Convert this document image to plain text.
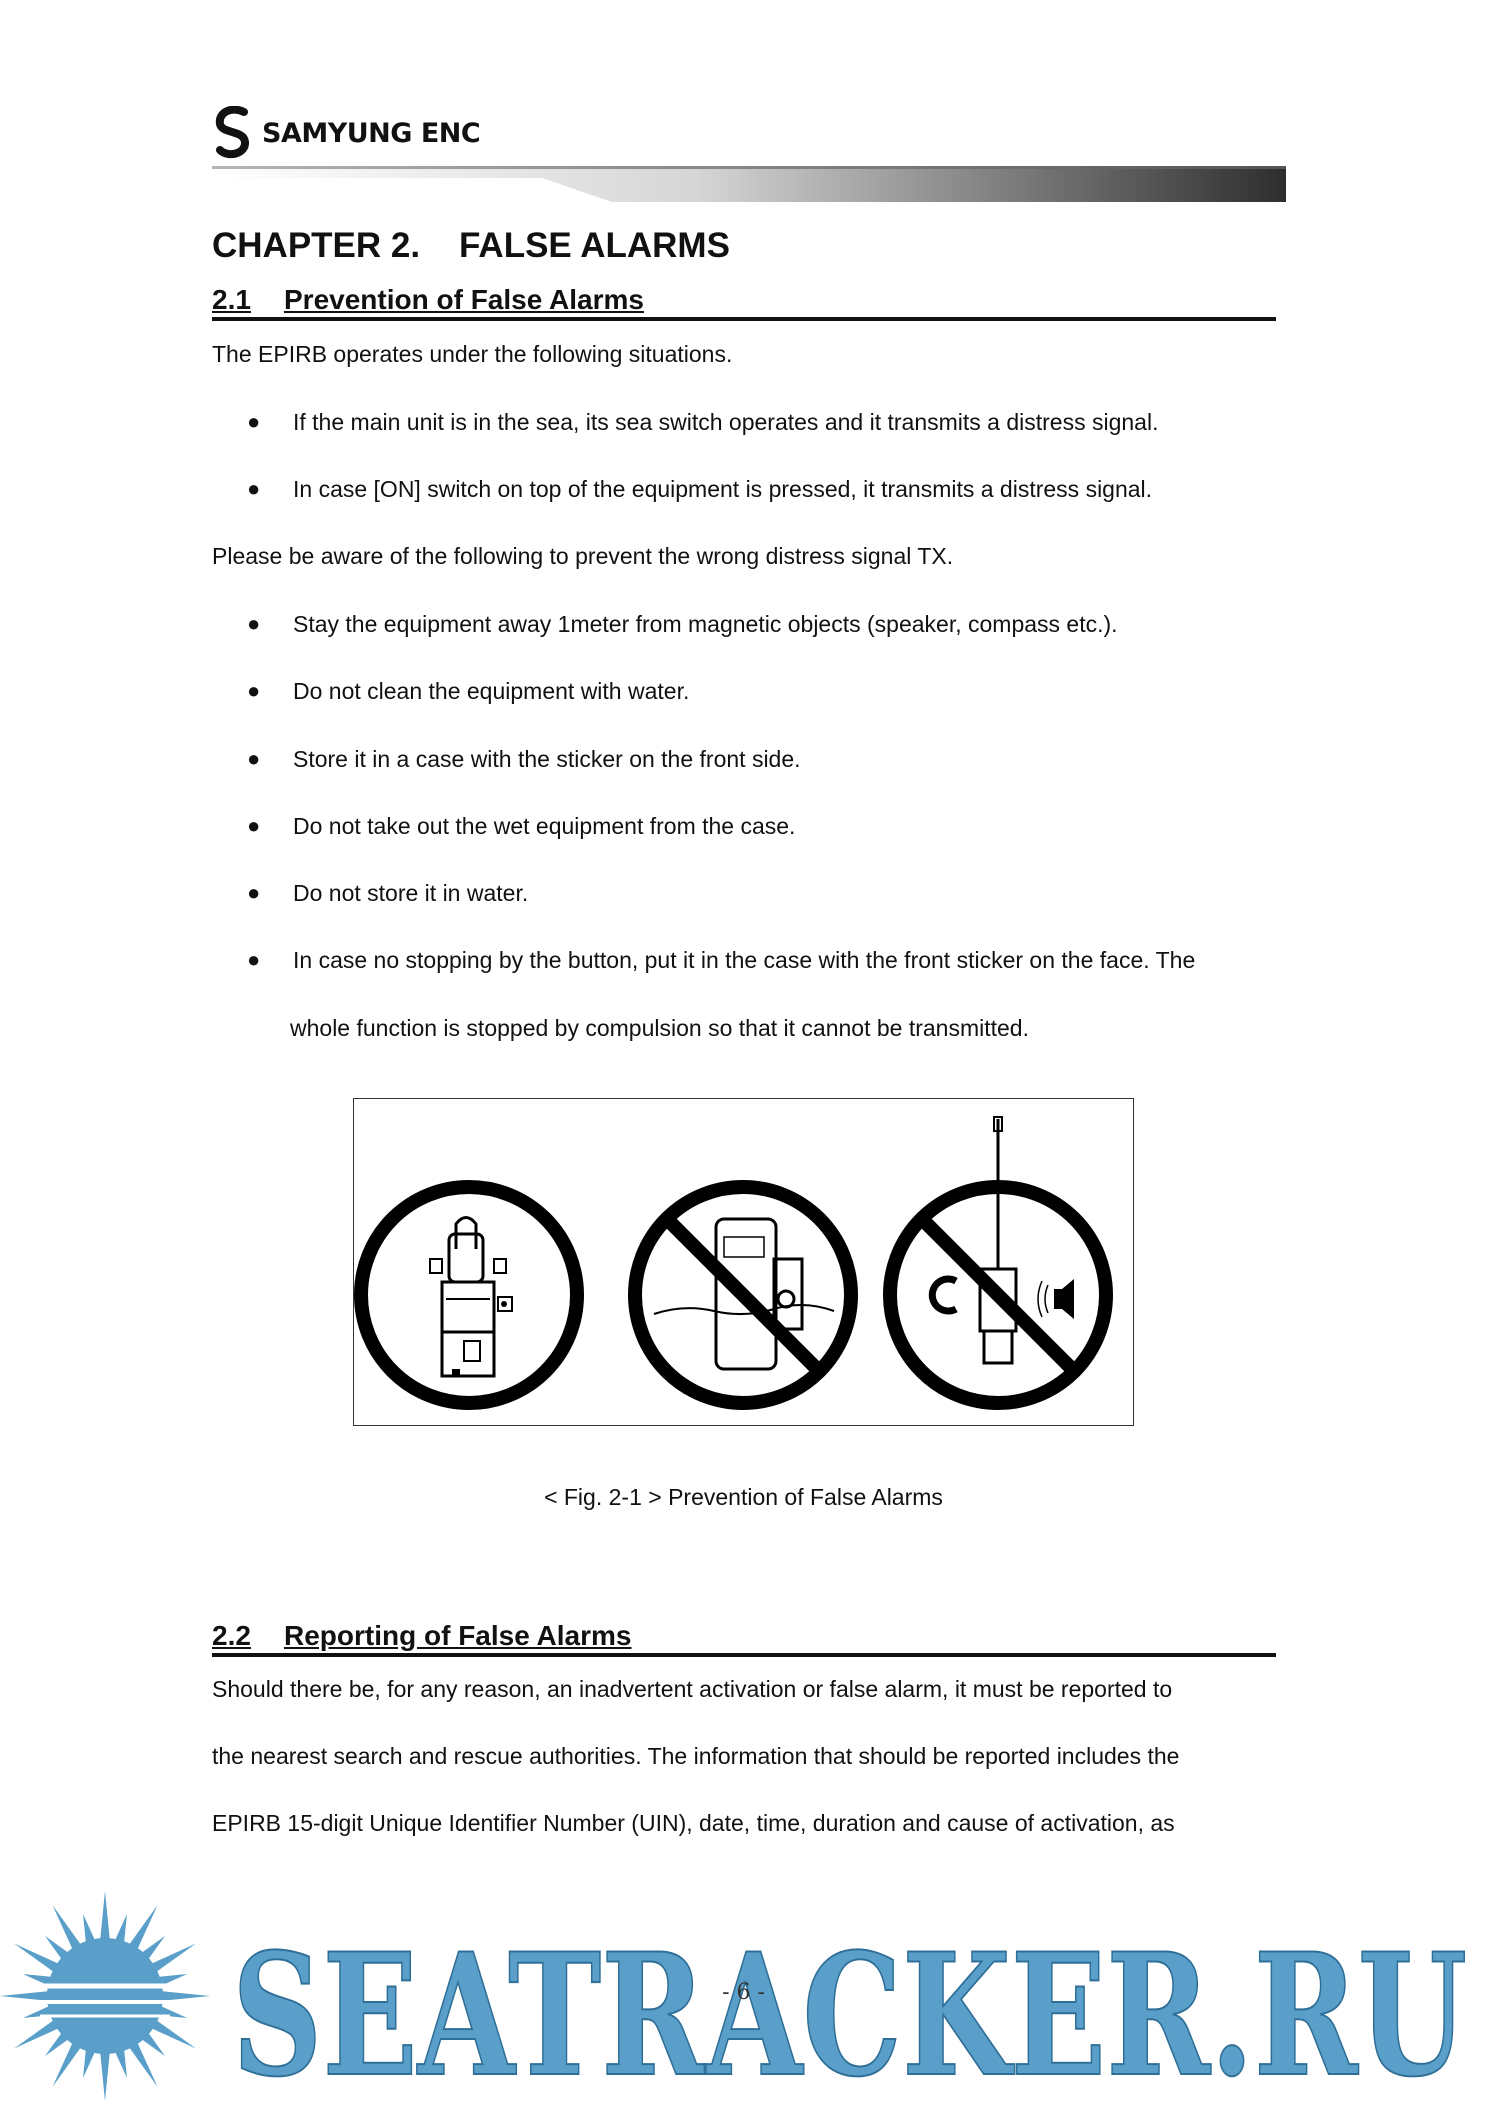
SAMYUNG ENC
CHAPTER 2.    FALSE ALARMS
2.1 Prevention of False Alarms
The EPIRB operates under the following situations.
● If the main unit is in the sea, its sea switch operates and it transmits a distress signal.
● In case [ON] switch on top of the equipment is pressed, it transmits a distress signal.
Please be aware of the following to prevent the wrong distress signal TX.
● Stay the equipment away 1meter from magnetic objects (speaker, compass etc.).
● Do not clean the equipment with water.
● Store it in a case with the sticker on the front side.
● Do not take out the wet equipment from the case.
● Do not store it in water.
● In case no stopping by the button, put it in the case with the front sticker on the face. The
whole function is stopped by compulsion so that it cannot be transmitted.
< Fig. 2-1 > Prevention of False Alarms
2.2 Reporting of False Alarms
Should there be, for any reason, an inadvertent activation or false alarm, it must be reported to
the nearest search and rescue authorities. The information that should be reported includes the
EPIRB 15-digit Unique Identifier Number (UIN), date, time, duration and cause of activation, as
SEATRACKER.RU
- 6 -
